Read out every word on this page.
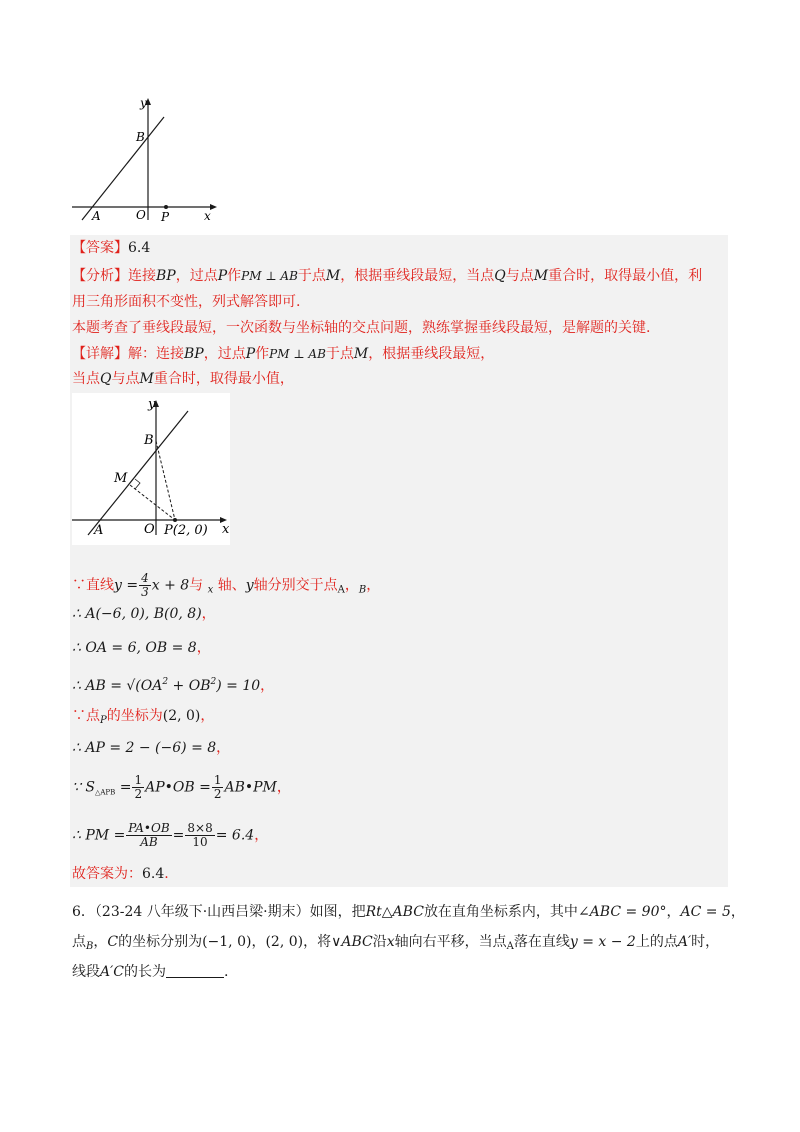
y
x
B
A	O P
【答案】6.4
【分析】连接BP，过点P作PM ⊥ AB于点M，根据垂线段最短，当点Q与点M重合时，取得最小值，利
用三角形面积不变性，列式解答即可.
本题考查了垂线段最短，一次函数与坐标轴的交点问题，熟练掌握垂线段最短，是解题的关键.
【详解】解：连接BP，过点P作PM ⊥ AB于点M，根据垂线段最短，
当点Q与点M重合时，取得最小值，
y
x
B
M
A	O P(2, 0)
∵直线$y = \frac{4}{3}$ x + 8与 $_x$ 轴、y轴分别交于点$_A$，$_B$，
∴ A(−6, 0), B(0, 8)，
∴ OA = 6, OB = 8，
∴ AB = $√(OA^2 + OB^2) = 10$，
∵点$_P$的坐标为(2, 0)，
∴ AP = 2 − (−6) = 8，
∵ $S_{\triangle APB} = \frac{1}{2}$ AP•OB = $\frac{1}{2}$ AB•PM，
∴ PM = $\frac{PA•OB}{AB} = \frac{8\times 8}{10} = 6.4$，
故答案为：6.4.
6．（23-24 八年级下·山西吕梁·期末）如图，把Rt△ABC放在直角坐标系内，其中∠ABC = 90°，AC = 5，
点$_B$，C的坐标分别为(−1, 0)，(2, 0)，将∨ABC沿x轴向右平移，当点$_A$落在直线y = x − 2上的点A′时，
线段A′C的长为	.
